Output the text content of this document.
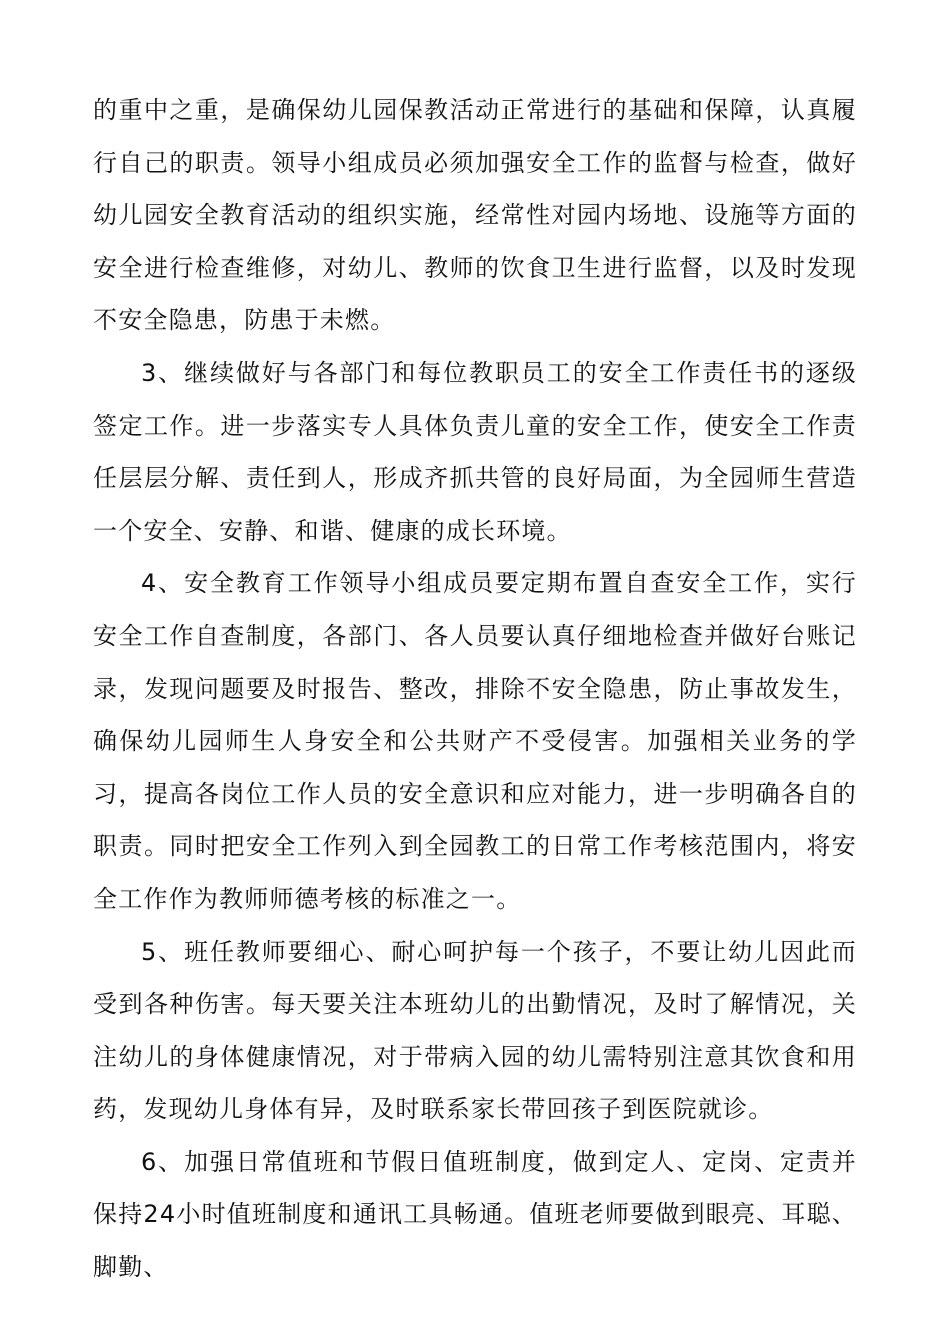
的重中之重，是确保幼儿园保教活动正常进行的基础和保障，认真履行自己的职责。领导小组成员必须加强安全工作的监督与检查，做好幼儿园安全教育活动的组织实施，经常性对园内场地、设施等方面的安全进行检查维修，对幼儿、教师的饮食卫生进行监督，以及时发现不安全隐患，防患于未燃。

3、继续做好与各部门和每位教职员工的安全工作责任书的逐级签定工作。进一步落实专人具体负责儿童的安全工作，使安全工作责任层层分解、责任到人，形成齐抓共管的良好局面，为全园师生营造一个安全、安静、和谐、健康的成长环境。

4、安全教育工作领导小组成员要定期布置自查安全工作，实行安全工作自查制度，各部门、各人员要认真仔细地检查并做好台账记录，发现问题要及时报告、整改，排除不安全隐患，防止事故发生，确保幼儿园师生人身安全和公共财产不受侵害。加强相关业务的学习，提高各岗位工作人员的安全意识和应对能力，进一步明确各自的职责。同时把安全工作列入到全园教工的日常工作考核范围内，将安全工作作为教师师德考核的标准之一。

5、班任教师要细心、耐心呵护每一个孩子，不要让幼儿因此而受到各种伤害。每天要关注本班幼儿的出勤情况，及时了解情况，关注幼儿的身体健康情况，对于带病入园的幼儿需特别注意其饮食和用药，发现幼儿身体有异，及时联系家长带回孩子到医院就诊。

6、加强日常值班和节假日值班制度，做到定人、定岗、定责并保持24小时值班制度和通讯工具畅通。值班老师要做到眼亮、耳聪、脚勤、
